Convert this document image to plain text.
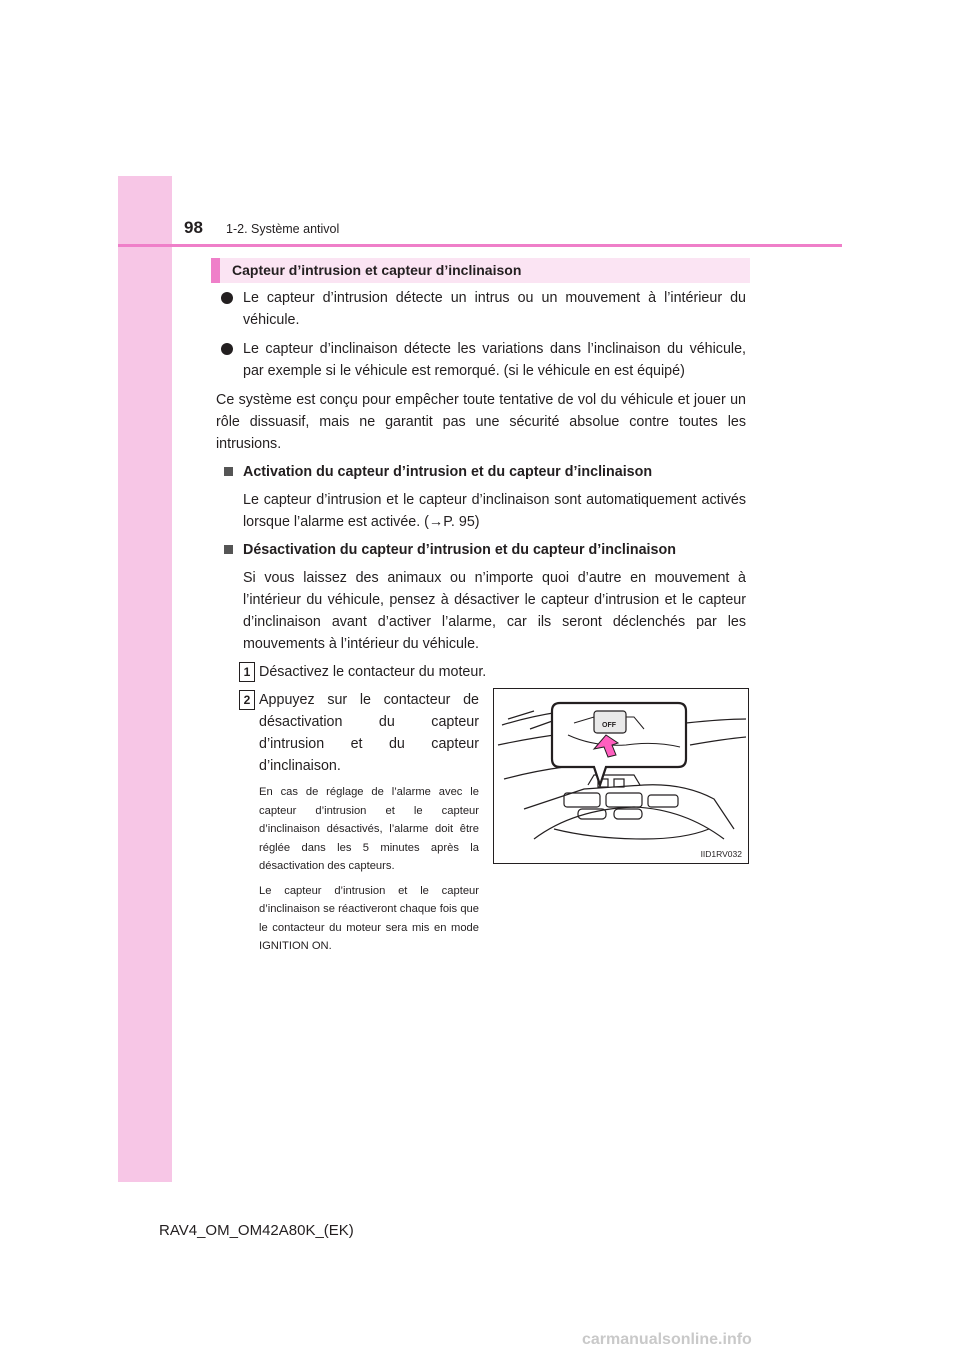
98 1-2. Système antivol
Capteur d’intrusion et capteur d’inclinaison
Le capteur d’intrusion détecte un intrus ou un mouvement à l’intérieur du véhicule.
Le capteur d’inclinaison détecte les variations dans l’inclinaison du véhicule, par exemple si le véhicule est remorqué. (si le véhicule en est équipé)

Ce système est conçu pour empêcher toute tentative de vol du véhicule et jouer un rôle dissuasif, mais ne garantit pas une sécurité absolue contre toutes les intrusions.

Activation du capteur d’intrusion et du capteur d’inclinaison
Le capteur d’intrusion et le capteur d’inclinaison sont automatiquement activés lorsque l’alarme est activée. (→P. 95)
Désactivation du capteur d’intrusion et du capteur d’inclinaison
Si vous laissez des animaux ou n’importe quoi d’autre en mouvement à l’intérieur du véhicule, pensez à désactiver le capteur d’intrusion et le capteur d’inclinaison avant d’activer l’alarme, car ils seront déclenchés par les mouvements à l’intérieur du véhicule.
1 Désactivez le contacteur du moteur.
2 Appuyez sur le contacteur de désactivation du capteur d’intrusion et du capteur d’inclinaison.
En cas de réglage de l’alarme avec le capteur d’intrusion et le capteur d’inclinaison désactivés, l’alarme doit être réglée dans les 5 minutes après la désactivation des capteurs.
Le capteur d’intrusion et le capteur d’inclinaison se réactiveront chaque fois que le contacteur du moteur sera mis en mode IGNITION ON.
OFF
IID1RV032
RAV4_OM_OM42A80K_(EK)
carmanualsonline.info
